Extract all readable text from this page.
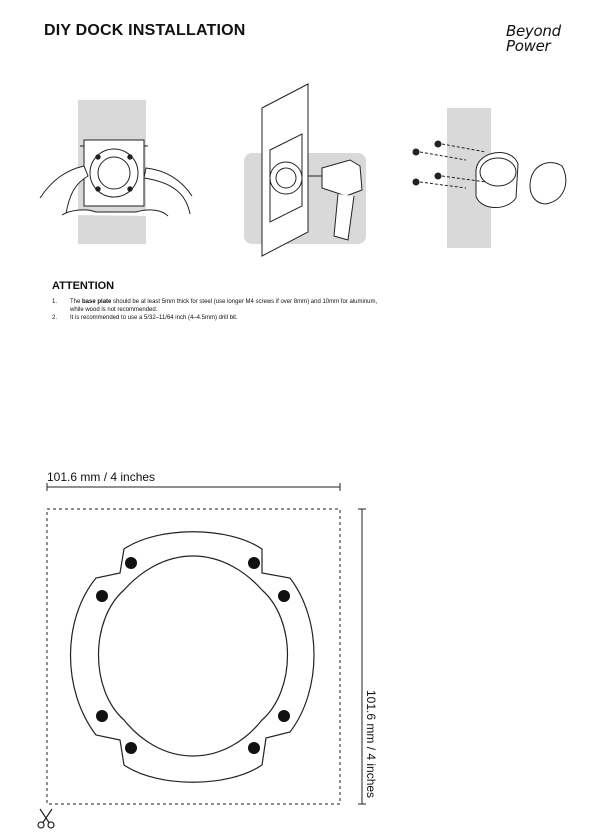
DIY DOCK INSTALLATION	Beyond
Power
ATTENTION
1.	The base plate should be at least 5mm thick for steel (use longer M4 screws if over 8mm) and 10mm for aluminum,
while wood is not recommended.
2.	It is recommended to use a 5/32–11/64 inch (4–4.5mm) drill bit.
101.6 mm / 4 inches
101.6 mm / 4 inches
